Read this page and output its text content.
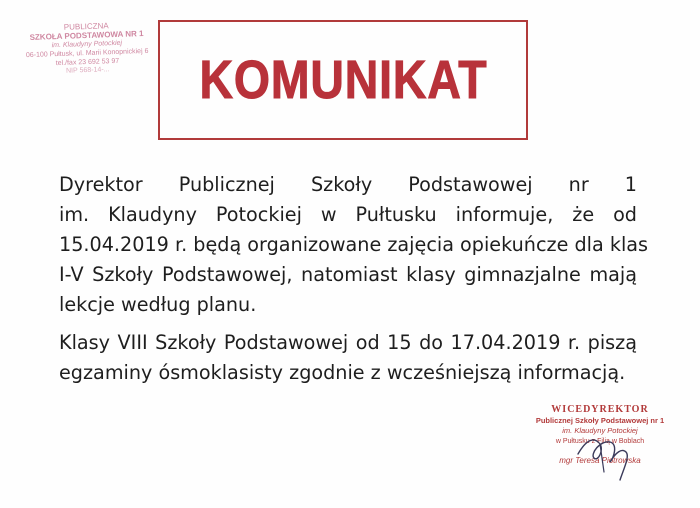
PUBLICZNA
SZKOŁA PODSTAWOWA NR 1
im. Klaudyny Potockiej
06-100 Pułtusk, ul. Marii Konopnickiej 6
tel./fax 23 692 53 97
NIP 568-14-...	KOMUNIKAT
Dyrektor Publicznej Szkoły Podstawowej nr 1
im. Klaudyny Potockiej w Pułtusku informuje, że od
15.04.2019 r. będą organizowane zajęcia opiekuńcze dla klas
I-V Szkoły Podstawowej, natomiast klasy gimnazjalne mają
lekcje według planu.
Klasy VIII Szkoły Podstawowej od 15 do 17.04.2019 r. piszą
egzaminy ósmoklasisty zgodnie z wcześniejszą informacją.
WICEDYREKTOR
Publicznej Szkoły Podstawowej nr 1
im. Klaudyny Potockiej
w Pułtusku z Filią w Boblach
mgr Teresa Piotrowska
